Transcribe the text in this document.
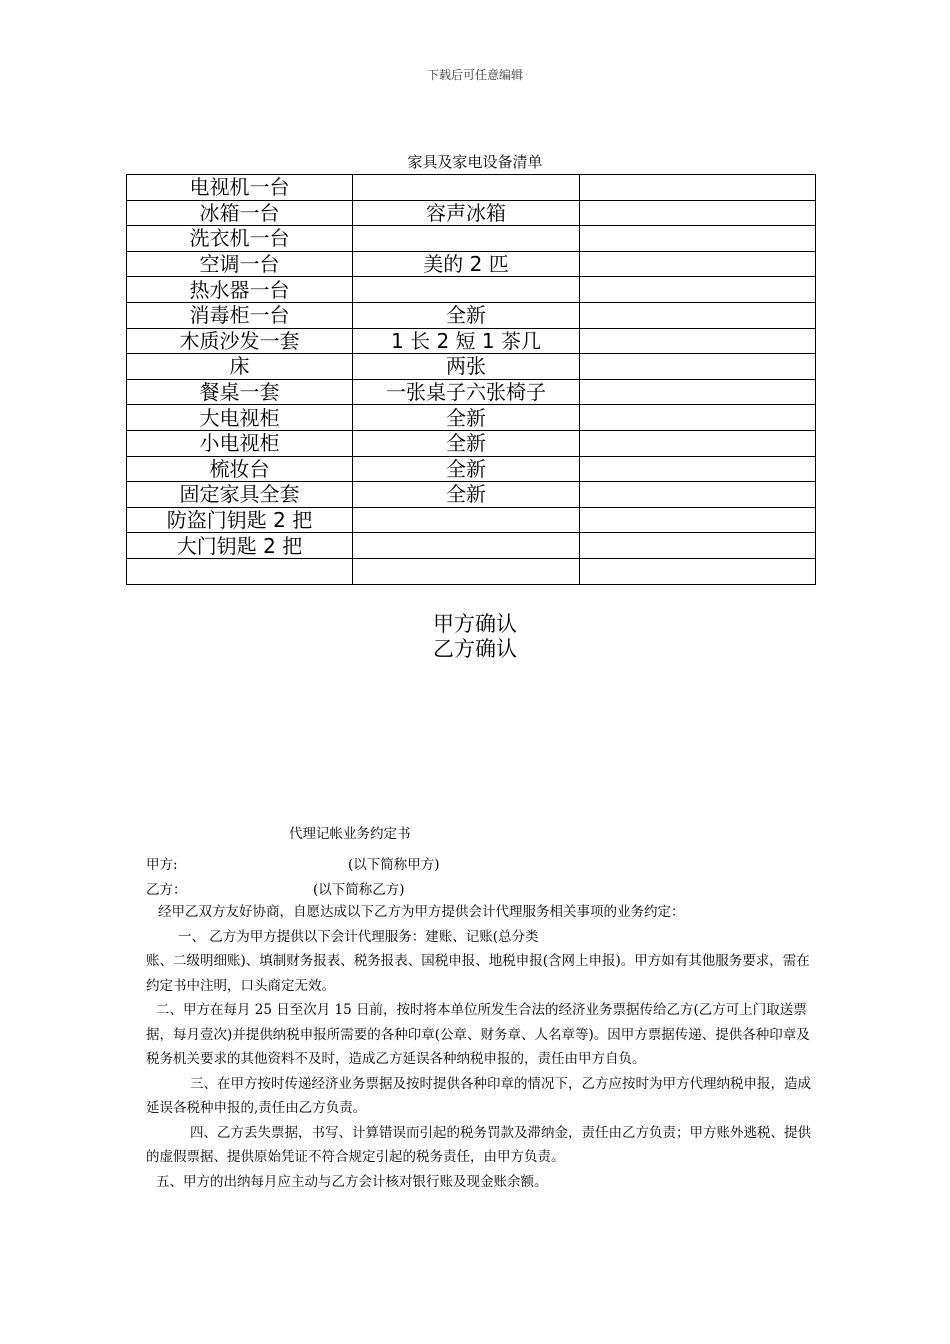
下载后可任意编辑
家具及家电设备清单
电视机一台		
冰箱一台	容声冰箱	
洗衣机一台		
空调一台	美的 2 匹	
热水器一台		
消毒柜一台	全新	
木质沙发一套	1 长 2 短 1 茶几	
床	两张	
餐桌一套	一张桌子六张椅子	
大电视柜	全新	
小电视柜	全新	
梳妆台	全新	
固定家具全套	全新	
防盗门钥匙 2 把		
大门钥匙 2 把		

甲方确认
乙方确认
代理记帐业务约定书
甲方:	(以下简称甲方)
乙方：	(以下简称乙方)

经甲乙双方友好协商，自愿达成以下乙方为甲方提供会计代理服务相关事项的业务约定：

一、 乙方为甲方提供以下会计代理服务：建账、记账(总分类

账、二级明细账)、填制财务报表、税务报表、国税申报、地税申报(含网上申报)。甲方如有其他服务要求，需在约定书中注明，口头商定无效。

二、甲方在每月 25 日至次月 15 日前，按时将本单位所发生合法的经济业务票据传给乙方(乙方可上门取送票据，每月壹次)并提供纳税申报所需要的各种印章(公章、财务章、人名章等)。因甲方票据传递、提供各种印章及税务机关要求的其他资料不及时，造成乙方延误各种纳税申报的，责任由甲方自负。

三、在甲方按时传递经济业务票据及按时提供各种印章的情况下，乙方应按时为甲方代理纳税申报，造成延误各税种申报的,责任由乙方负责。

四、乙方丢失票据，书写、计算错误而引起的税务罚款及滞纳金，责任由乙方负责；甲方账外逃税、提供的虚假票据、提供原始凭证不符合规定引起的税务责任，由甲方负责。

五、甲方的出纳每月应主动与乙方会计核对银行账及现金账余额。
